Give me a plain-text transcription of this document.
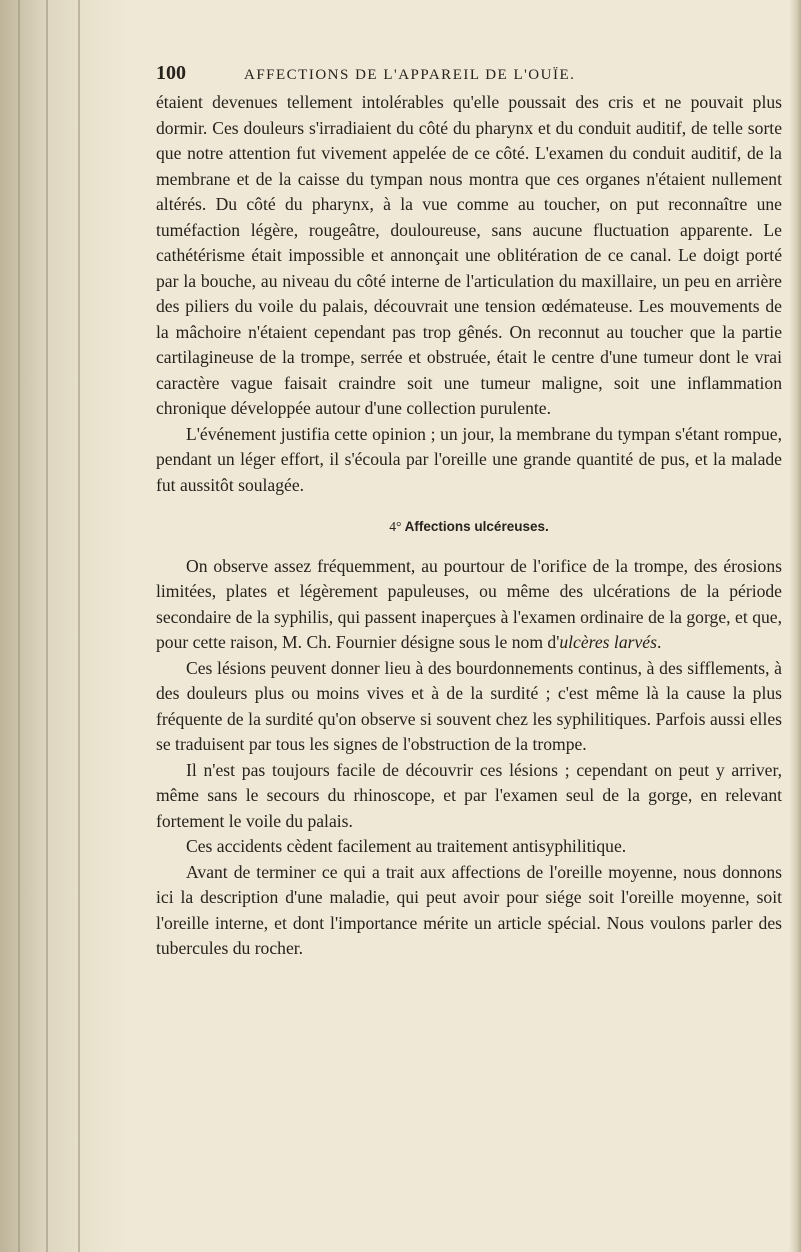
100	AFFECTIONS DE L'APPAREIL DE L'OUÏE.

étaient devenues tellement intolérables qu'elle poussait des cris et ne pouvait plus dormir. Ces douleurs s'irradiaient du côté du pharynx et du conduit auditif, de telle sorte que notre attention fut vivement appelée de ce côté. L'examen du conduit auditif, de la membrane et de la caisse du tympan nous montra que ces organes n'étaient nullement altérés. Du côté du pharynx, à la vue comme au toucher, on put reconnaître une tuméfaction légère, rougeâtre, douloureuse, sans aucune fluctuation apparente. Le cathétérisme était impossible et annonçait une oblitération de ce canal. Le doigt porté par la bouche, au niveau du côté interne de l'articulation du maxillaire, un peu en arrière des piliers du voile du palais, découvrait une tension œdémateuse. Les mouvements de la mâchoire n'étaient cependant pas trop gênés. On reconnut au toucher que la partie cartilagineuse de la trompe, serrée et obstruée, était le centre d'une tumeur dont le vrai caractère vague faisait craindre soit une tumeur maligne, soit une inflammation chronique développée autour d'une collection purulente.

L'événement justifia cette opinion ; un jour, la membrane du tympan s'étant rompue, pendant un léger effort, il s'écoula par l'oreille une grande quantité de pus, et la malade fut aussitôt soulagée.

4° Affections ulcéreuses.

On observe assez fréquemment, au pourtour de l'orifice de la trompe, des érosions limitées, plates et légèrement papuleuses, ou même des ulcérations de la période secondaire de la syphilis, qui passent inaperçues à l'examen ordinaire de la gorge, et que, pour cette raison, M. Ch. Fournier désigne sous le nom d'ulcères larvés.

Ces lésions peuvent donner lieu à des bourdonnements continus, à des sifflements, à des douleurs plus ou moins vives et à de la surdité ; c'est même là la cause la plus fréquente de la surdité qu'on observe si souvent chez les syphilitiques. Parfois aussi elles se traduisent par tous les signes de l'obstruction de la trompe.

Il n'est pas toujours facile de découvrir ces lésions ; cependant on peut y arriver, même sans le secours du rhinoscope, et par l'examen seul de la gorge, en relevant fortement le voile du palais.

Ces accidents cèdent facilement au traitement antisyphilitique.

Avant de terminer ce qui a trait aux affections de l'oreille moyenne, nous donnons ici la description d'une maladie, qui peut avoir pour siége soit l'oreille moyenne, soit l'oreille interne, et dont l'importance mérite un article spécial. Nous voulons parler des tubercules du rocher.
